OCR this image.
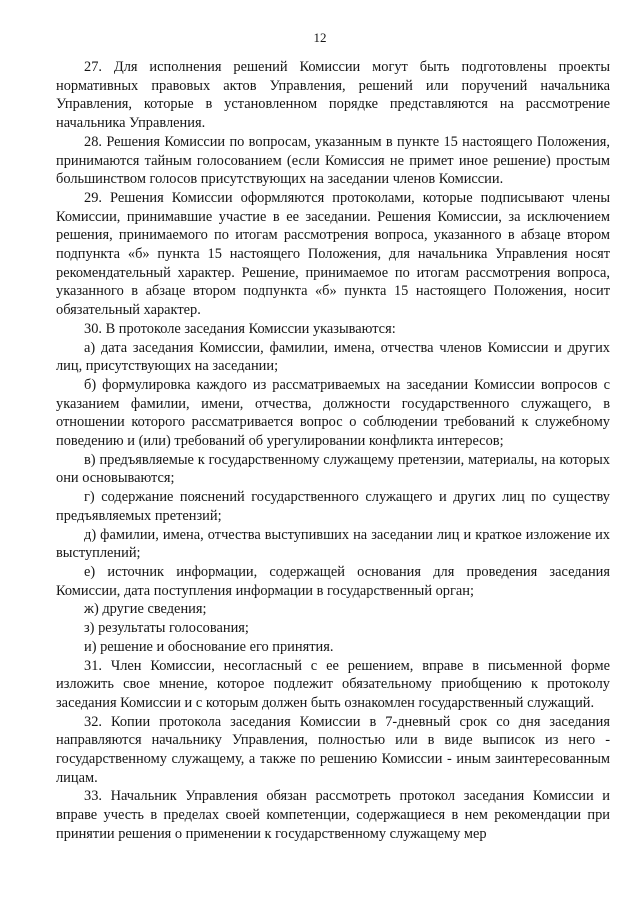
12

27. Для исполнения решений Комиссии могут быть подготовлены проекты нормативных правовых актов Управления, решений или поручений начальника Управления, которые в установленном порядке представляются на рассмотрение начальника Управления.

28. Решения Комиссии по вопросам, указанным в пункте 15 настоящего Положения, принимаются тайным голосованием (если Комиссия не примет иное решение) простым большинством голосов присутствующих на заседании членов Комиссии.

29. Решения Комиссии оформляются протоколами, которые подписывают члены Комиссии, принимавшие участие в ее заседании. Решения Комиссии, за исключением решения, принимаемого по итогам рассмотрения вопроса, указанного в абзаце втором подпункта «б» пункта 15 настоящего Положения, для начальника Управления носят рекомендательный характер. Решение, принимаемое по итогам рассмотрения вопроса, указанного в абзаце втором подпункта «б» пункта 15 настоящего Положения, носит обязательный характер.

30. В протоколе заседания Комиссии указываются:

а) дата заседания Комиссии, фамилии, имена, отчества членов Комиссии и других лиц, присутствующих на заседании;

б) формулировка каждого из рассматриваемых на заседании Комиссии вопросов с указанием фамилии, имени, отчества, должности государственного служащего, в отношении которого рассматривается вопрос о соблюдении требований к служебному поведению и (или) требований об урегулировании конфликта интересов;

в) предъявляемые к государственному служащему претензии, материалы, на которых они основываются;

г) содержание пояснений государственного служащего и других лиц по существу предъявляемых претензий;

д) фамилии, имена, отчества выступивших на заседании лиц и краткое изложение их выступлений;

е) источник информации, содержащей основания для проведения заседания Комиссии, дата поступления информации в государственный орган;

ж) другие сведения;

з) результаты голосования;

и) решение и обоснование его принятия.

31. Член Комиссии, несогласный с ее решением, вправе в письменной форме изложить свое мнение, которое подлежит обязательному приобщению к протоколу заседания Комиссии и с которым должен быть ознакомлен государственный служащий.

32. Копии протокола заседания Комиссии в 7-дневный срок со дня заседания направляются начальнику Управления, полностью или в виде выписок из него - государственному служащему, а также по решению Комиссии - иным заинтересованным лицам.

33. Начальник Управления обязан рассмотреть протокол заседания Комиссии и вправе учесть в пределах своей компетенции, содержащиеся в нем рекомендации при принятии решения о применении к государственному служащему мер
